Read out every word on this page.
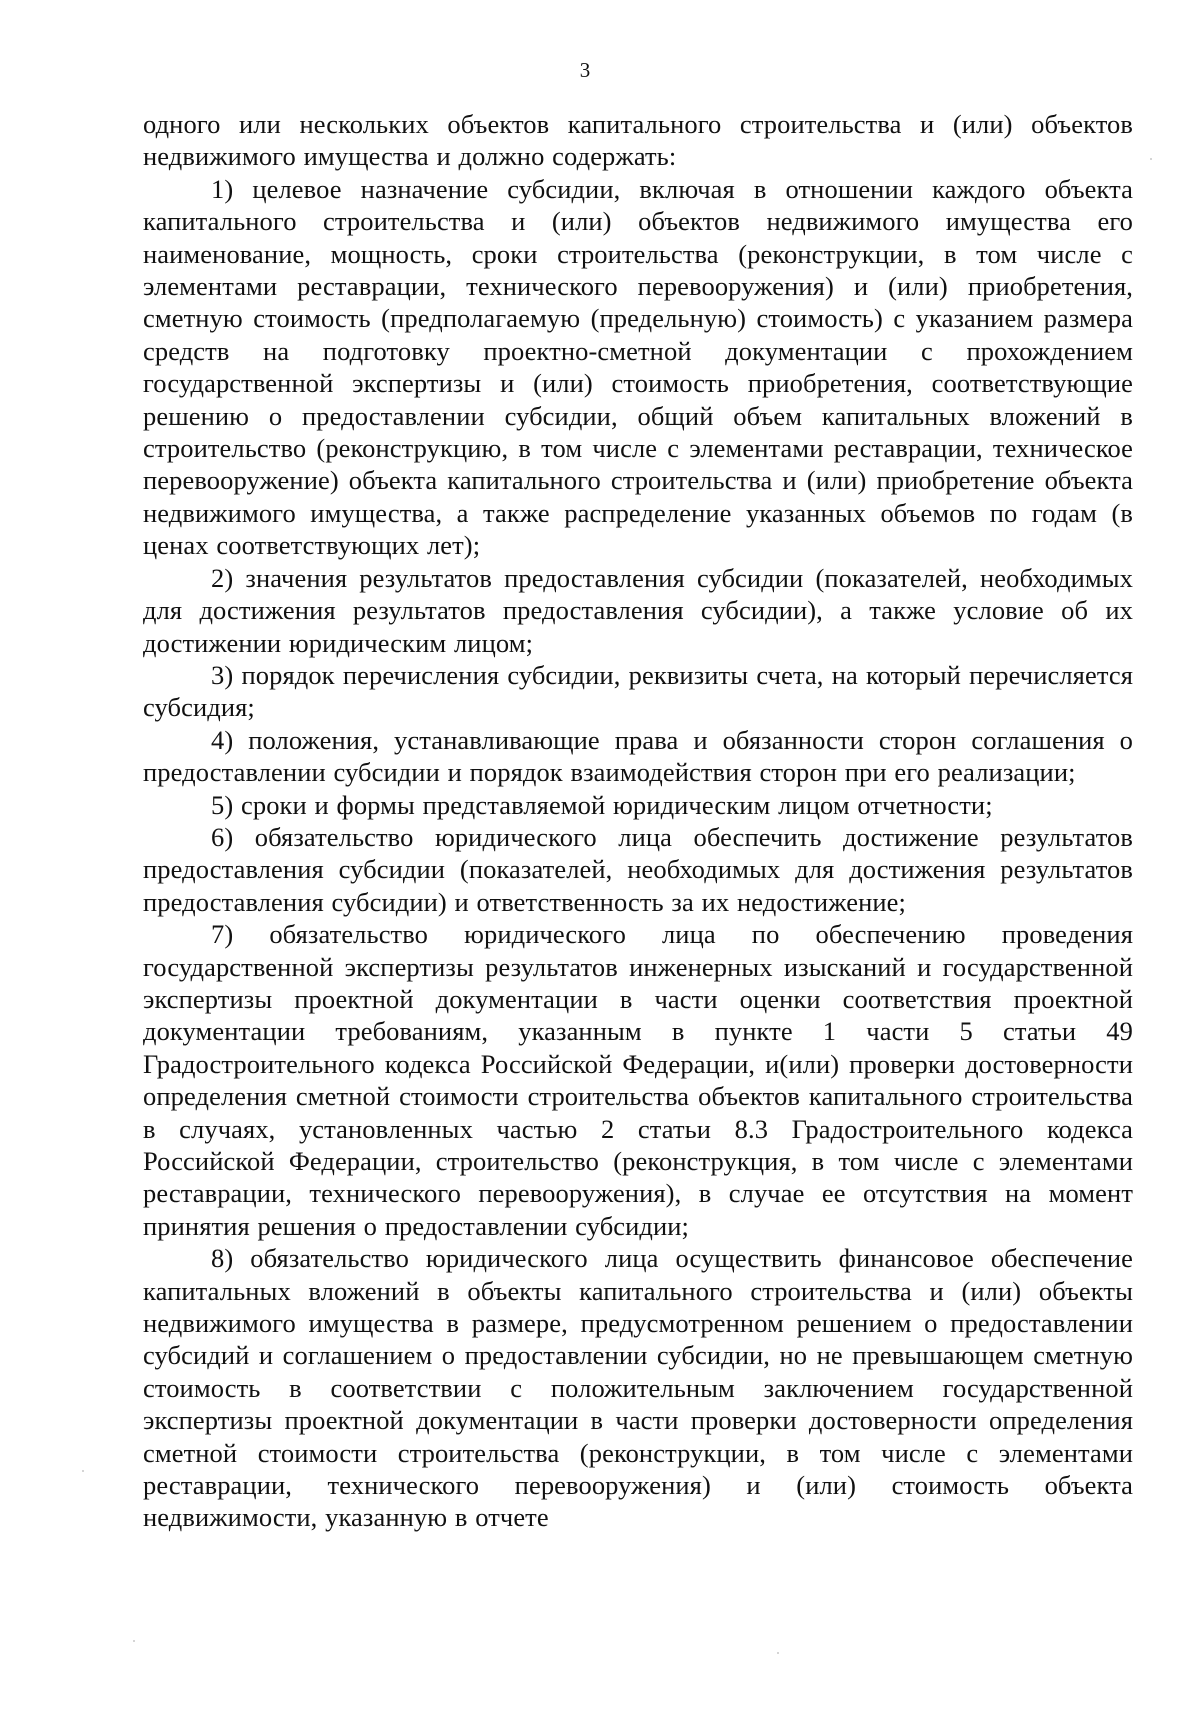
3

одного или нескольких объектов капитального строительства и (или) объектов недвижимого имущества и должно содержать:

1) целевое назначение субсидии, включая в отношении каждого объекта капитального строительства и (или) объектов недвижимого имущества его наименование, мощность, сроки строительства (реконструкции, в том числе с элементами реставрации, технического перевооружения) и (или) приобретения, сметную стоимость (предполагаемую (предельную) стоимость) с указанием размера средств на подготовку проектно-сметной документации с прохождением государственной экспертизы и (или) стоимость приобретения, соответствующие решению о предоставлении субсидии, общий объем капитальных вложений в строительство (реконструкцию, в том числе с элементами реставрации, техническое перевооружение) объекта капитального строительства и (или) приобретение объекта недвижимого имущества, а также распределение указанных объемов по годам (в ценах соответствующих лет);

2) значения результатов предоставления субсидии (показателей, необходимых для достижения результатов предоставления субсидии), а также условие об их достижении юридическим лицом;

3) порядок перечисления субсидии, реквизиты счета, на который перечисляется субсидия;

4) положения, устанавливающие права и обязанности сторон соглашения о предоставлении субсидии и порядок взаимодействия сторон при его реализации;

5) сроки и формы представляемой юридическим лицом отчетности;

6) обязательство юридического лица обеспечить достижение результатов предоставления субсидии (показателей, необходимых для достижения результатов предоставления субсидии) и ответственность за их недостижение;

7) обязательство юридического лица по обеспечению проведения государственной экспертизы результатов инженерных изысканий и государственной экспертизы проектной документации в части оценки соответствия проектной документации требованиям, указанным в пункте 1 части 5 статьи 49 Градостроительного кодекса Российской Федерации, и(или) проверки достоверности определения сметной стоимости строительства объектов капитального строительства в случаях, установленных частью 2 статьи 8.3 Градостроительного кодекса Российской Федерации, строительство (реконструкция, в том числе с элементами реставрации, технического перевооружения), в случае ее отсутствия на момент принятия решения о предоставлении субсидии;

8) обязательство юридического лица осуществить финансовое обеспечение капитальных вложений в объекты капитального строительства и (или) объекты недвижимого имущества в размере, предусмотренном решением о предоставлении субсидий и соглашением о предоставлении субсидии, но не превышающем сметную стоимость в соответствии с положительным заключением государственной экспертизы проектной документации в части проверки достоверности определения сметной стоимости строительства (реконструкции, в том числе с элементами реставрации, технического перевооружения) и (или) стоимость объекта недвижимости, указанную в отчете
